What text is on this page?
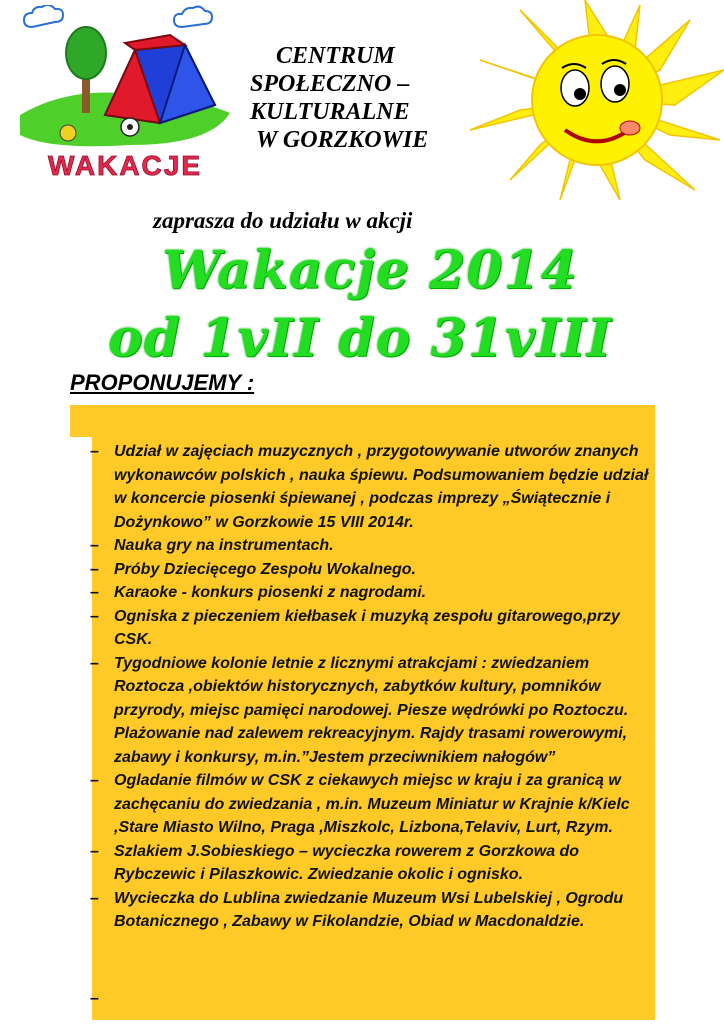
WAKACJE
CENTRUM
SPOŁECZNO –
KULTURALNE
W GORZKOWIE
zaprasza do udziału w akcji
Wakacje 2014
od 1vII do 31vIII
PROPONUJEMY :
– Udział w zajęciach muzycznych , przygotowywanie utworów znanych wykonawców polskich , nauka śpiewu. Podsumowaniem będzie udział w koncercie piosenki śpiewanej , podczas imprezy „Świątecznie i Dożynkowo” w Gorzkowie 15 VIII 2014r.
– Nauka gry na instrumentach.
– Próby Dziecięcego Zespołu Wokalnego.
– Karaoke - konkurs piosenki z nagrodami.
– Ogniska z pieczeniem kiełbasek i muzyką zespołu gitarowego,przy CSK.
– Tygodniowe kolonie letnie z licznymi atrakcjami : zwiedzaniem Roztocza ,obiektów historycznych, zabytków kultury, pomników przyrody, miejsc pamięci narodowej. Piesze wędrówki po Roztoczu. Plażowanie nad zalewem rekreacyjnym. Rajdy trasami rowerowymi, zabawy i konkursy, m.in.”Jestem przeciwnikiem nałogów”
– Ogladanie filmów w CSK z ciekawych miejsc w kraju i za granicą w zachęcaniu do zwiedzania , m.in. Muzeum Miniatur w Krajnie k/Kielc ,Stare Miasto Wilno, Praga ,Miszkolc, Lizbona,Telaviv, Lurt, Rzym.
– Szlakiem J.Sobieskiego – wycieczka rowerem z Gorzkowa do Rybczewic i Pilaszkowic. Zwiedzanie okolic i ognisko.
– Wycieczka do Lublina zwiedzanie Muzeum Wsi Lubelskiej , Ogrodu Botanicznego , Zabawy w Fikolandzie, Obiad w Macdonaldzie.
–
